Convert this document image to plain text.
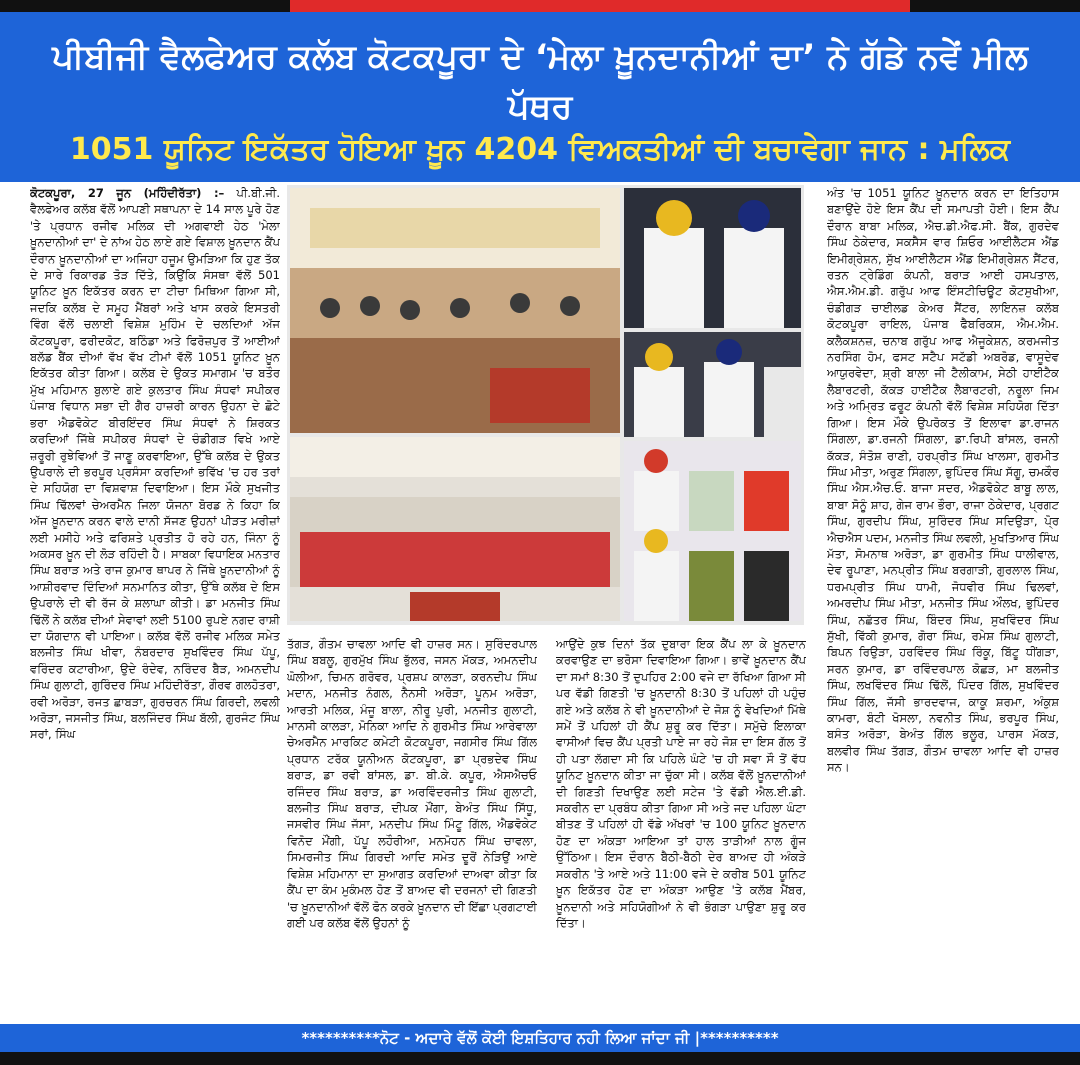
ਪੀਬੀਜੀ ਵੈਲਫੇਅਰ ਕਲੱਬ ਕੋਟਕਪੂਰਾ ਦੇ ‘ਮੇਲਾ ਖ਼ੂਨਦਾਨੀਆਂ ਦਾ’ ਨੇ ਗੱਡੇ ਨਵੇਂ ਮੀਲ ਪੱਥਰ
1051 ਯੂਨਿਟ ਇਕੱਤਰ ਹੋਇਆ ਖ਼ੂਨ 4204 ਵਿਅਕਤੀਆਂ ਦੀ ਬਚਾਵੇਗਾ ਜਾਨ : ਮਲਿਕ
ਕੋਟਕਪੂਰਾ, 27 ਜੂਨ (ਮਹਿੰਦੀਰੱਤਾ) :– ਪੀ.ਬੀ.ਜੀ. ਵੈਲਫੇਅਰ ਕਲੱਬ ਵੱਲੋਂ ਆਪਣੀ ਸਥਾਪਨਾ ਦੇ 14 ਸਾਲ ਪੂਰੇ ਹੋਣ 'ਤੇ ਪ੍ਰਧਾਨ ਰਜੀਵ ਮਲਿਕ ਦੀ ਅਗਵਾਈ ਹੇਠ 'ਮੇਲਾ ਖ਼ੂਨਦਾਨੀਆਂ ਦਾ' ਦੇ ਨਾਂਅ ਹੇਠ ਲਾਏ ਗਏ ਵਿਸ਼ਾਲ ਖ਼ੂਨਦਾਨ ਕੈਂਪ ਦੌਰਾਨ ਖ਼ੂਨਦਾਨੀਆਂ ਦਾ ਅਜਿਹਾ ਹਜੂਮ ਉਮੜਿਆ ਕਿ ਹੁਣ ਤੱਕ ਦੇ ਸਾਰੇ ਰਿਕਾਰਡ ਤੋੜ ਦਿੱਤੇ, ਕਿਉਂਕਿ ਸੰਸਥਾ ਵੱਲੋਂ 501 ਯੂਨਿਟ ਖ਼ੂਨ ਇਕੱਤਰ ਕਰਨ ਦਾ ਟੀਚਾ ਮਿਥਿਆ ਗਿਆ ਸੀ, ਜਦਕਿ ਕਲੱਬ ਦੇ ਸਮੂਹ ਮੈਂਬਰਾਂ ਅਤੇ ਖਾਸ ਕਰਕੇ ਇਸਤਰੀ ਵਿੰਗ ਵੱਲੋਂ ਚਲਾਈ ਵਿਸ਼ੇਸ਼ ਮੁਹਿੰਮ ਦੇ ਚਲਦਿਆਂ ਅੱਜ ਕੋਟਕਪੂਰਾ, ਫਰੀਦਕੋਟ, ਬਠਿੰਡਾ ਅਤੇ ਫਿਰੋਜ਼ਪੁਰ ਤੋਂ ਆਈਆਂ ਬਲੱਡ ਬੈਂਕ ਦੀਆਂ ਵੱਖ ਵੱਖ ਟੀਮਾਂ ਵੱਲੋਂ 1051 ਯੂਨਿਟ ਖ਼ੂਨ ਇਕੱਤਰ ਕੀਤਾ ਗਿਆ। ਕਲੱਬ ਦੇ ਉਕਤ ਸਮਾਗਮ 'ਚ ਬਤੌਰ ਮੁੱਖ ਮਹਿਮਾਨ ਬੁਲਾਏ ਗਏ ਕੁਲਤਾਰ ਸਿੰਘ ਸੰਧਵਾਂ ਸਪੀਕਰ ਪੰਜਾਬ ਵਿਧਾਨ ਸਭਾ ਦੀ ਗੈਰ ਹਾਜ਼ਰੀ ਕਾਰਨ ਉਹਨਾ ਦੇ ਛੋਟੇ ਭਰਾ ਐਡਵੋਕੇਟ ਬੀਰਇੰਦਰ ਸਿੰਘ ਸੰਧਵਾਂ ਨੇ ਸ਼ਿਰਕਤ ਕਰਦਿਆਂ ਜਿੱਥੇ ਸਪੀਕਰ ਸੰਧਵਾਂ ਦੇ ਚੰਡੀਗੜ ਵਿਖੇ ਆਏ ਜ਼ਰੂਰੀ ਰੁਝੇਵਿਆਂ ਤੋਂ ਜਾਣੂ ਕਰਵਾਇਆ, ਉੱਥੇ ਕਲੱਬ ਦੇ ਉਕਤ ਉਪਰਾਲੇ ਦੀ ਭਰਪੂਰ ਪ੍ਰਸੰਸਾ ਕਰਦਿਆਂ ਭਵਿੱਖ 'ਚ ਹਰ ਤਰਾਂ ਦੇ ਸਹਿਯੋਗ ਦਾ ਵਿਸ਼ਵਾਸ਼ ਦਿਵਾਇਆ। ਇਸ ਮੌਕੇ ਸੁਖਜੀਤ ਸਿੰਘ ਢਿੱਲਵਾਂ ਚੇਅਰਮੈਨ ਜਿਲਾ ਯੋਜਨਾ ਬੋਰਡ ਨੇ ਕਿਹਾ ਕਿ ਅੱਜ ਖ਼ੂਨਦਾਨ ਕਰਨ ਵਾਲੇ ਦਾਨੀ ਸੱਜਣ ਉਹਨਾਂ ਪੀੜਤ ਮਰੀਜ਼ਾਂ ਲਈ ਮਸੀਹੇ ਅਤੇ ਫਰਿਸ਼ਤੇ ਪ੍ਰਤੀਤ ਹੋ ਰਹੇ ਹਨ, ਜਿੰਨਾ ਨੂੰ ਅਕਸਰ ਖ਼ੂਨ ਦੀ ਲੋੜ ਰਹਿੰਦੀ ਹੈ। ਸਾਬਕਾ ਵਿਧਾਇਕ ਮਨਤਾਰ ਸਿੰਘ ਬਰਾੜ ਅਤੇ ਰਾਜ ਕੁਮਾਰ ਥਾਪਰ ਨੇ ਜਿੱਥੇ ਖ਼ੂਨਦਾਨੀਆਂ ਨੂੰ ਆਸ਼ੀਰਵਾਦ ਦਿੰਦਿਆਂ ਸਨਮਾਨਿਤ ਕੀਤਾ, ਉੱਥੇ ਕਲੱਬ ਦੇ ਇਸ ਉਪਰਾਲੇ ਦੀ ਵੀ ਰੱਜ ਕੇ ਸ਼ਲਾਘਾ ਕੀਤੀ। ਡਾ ਮਨਜੀਤ ਸਿੰਘ ਢਿੱਲੋਂ ਨੇ ਕਲੱਬ ਦੀਆਂ ਸੇਵਾਵਾਂ ਲਈ 5100 ਰੁਪਏ ਨਗਦ ਰਾਸ਼ੀ ਦਾ ਯੋਗਦਾਨ ਵੀ ਪਾਇਆ। ਕਲੱਬ ਵੱਲੋਂ ਰਜੀਵ ਮਲਿਕ ਸਮੇਤ ਬਲਜੀਤ ਸਿੰਘ ਖੀਵਾ, ਨੰਬਰਦਾਰ ਸੁਖਵਿੰਦਰ ਸਿੰਘ ਪੱਪੂ, ਵਰਿੰਦਰ ਕਟਾਰੀਆ, ਉਦੇ ਰੰਦੇਵ, ਨਰਿੰਦਰ ਬੈੜ, ਅਮਨਦੀਪ ਸਿੰਘ ਗੁਲਾਟੀ, ਗੁਰਿੰਦਰ ਸਿੰਘ ਮਹਿੰਦੀਰੱਤਾ, ਗੌਰਵ ਗਲਹੋਤਰਾ, ਰਵੀ ਅਰੋੜਾ, ਰਜਤ ਛਾਬੜਾ, ਗੁਰਚਰਨ ਸਿੰਘ ਗਿਰਦੀ, ਲਵਲੀ ਅਰੋੜਾ, ਜਸਜੀਤ ਸਿੰਘ, ਬਲਜਿੰਦਰ ਸਿੰਘ ਬੱਲੀ, ਗੁਰਜੰਟ ਸਿੰਘ ਸਰਾਂ, ਸਿੰਘ
ਤੱਗੜ, ਗੌਤਮ ਚਾਵਲਾ ਆਦਿ ਵੀ ਹਾਜ਼ਰ ਸਨ। ਸੁਰਿੰਦਰਪਾਲ ਸਿੰਘ ਬਬਲੂ, ਗੁਰਮੁੱਖ ਸਿੰਘ ਭੁੱਲਰ, ਜਸਨ ਮੱਕੜ, ਅਮਨਦੀਪ ਘੋਲੀਆ, ਚਿਮਨ ਗਰੋਵਰ, ਪ੍ਰਸ਼ਪ ਕਾਲੜਾ, ਕਰਨਦੀਪ ਸਿੰਘ ਮਦਾਨ, ਮਨਜੀਤ ਨੰਗਲ, ਨੈਨਸੀ ਅਰੋੜਾ, ਪੂਨਮ ਅਰੋੜਾ, ਆਰਤੀ ਮਲਿਕ, ਮੰਜੂ ਬਾਲਾ, ਨੀਰੂ ਪੁਰੀ, ਮਨਜੀਤ ਗੁਲਾਟੀ, ਮਾਨਸੀ ਕਾਲੜਾ, ਮੋਨਿਕਾ ਆਦਿ ਨੇ ਗੁਰਮੀਤ ਸਿੰਘ ਆਰੇਵਾਲਾ ਚੇਅਰਮੈਨ ਮਾਰਕਿਟ ਕਮੇਟੀ ਕੋਟਕਪੂਰਾ, ਜਗਸੀਰ ਸਿੰਘ ਗਿੱਲ ਪ੍ਰਧਾਨ ਟਰੱਕ ਯੂਨੀਅਨ ਕੋਟਕਪੂਰਾ, ਡਾ ਪ੍ਰਭਦੇਵ ਸਿੰਘ ਬਰਾੜ, ਡਾ ਰਵੀ ਬਾਂਸਲ, ਡਾ. ਬੀ.ਕੇ. ਕਪੂਰ, ਐਸਐਚਓ ਰਜਿੰਦਰ ਸਿੰਘ ਬਰਾੜ, ਡਾ ਅਰਵਿੰਦਰਜੀਤ ਸਿੰਘ ਗੁਲਾਟੀ, ਬਲਜੀਤ ਸਿੰਘ ਬਰਾੜ, ਦੀਪਕ ਮੌਂਗਾ, ਬੇਅੰਤ ਸਿੰਘ ਸਿੱਧੂ, ਜਸਵੀਰ ਸਿੰਘ ਜੱਸਾ, ਮਨਦੀਪ ਸਿੰਘ ਮਿੰਟੂ ਗਿੱਲ, ਐਡਵੋਕੇਟ ਵਿਨੋਦ ਮੌਂਗੀ, ਪੱਪੂ ਲਹੌਰੀਆ, ਮਨਮੋਹਨ ਸਿੰਘ ਚਾਵਲਾ, ਸਿਮਰਜੀਤ ਸਿੰਘ ਗਿਰਦੀ ਆਦਿ ਸਮੇਤ ਦੂਰੋਂ ਨੇੜਿਉਂ ਆਏ ਵਿਸ਼ੇਸ਼ ਮਹਿਮਾਨਾ ਦਾ ਸੁਆਗਤ ਕਰਦਿਆਂ ਦਾਅਵਾ ਕੀਤਾ ਕਿ ਕੈਂਪ ਦਾ ਕੰਮ ਮੁਕੰਮਲ ਹੋਣ ਤੋਂ ਬਾਅਦ ਵੀ ਦਰਜਨਾਂ ਦੀ ਗਿਣਤੀ 'ਚ ਖ਼ੂਨਦਾਨੀਆਂ ਵੱਲੋਂ ਫੋਨ ਕਰਕੇ ਖ਼ੂਨਦਾਨ ਦੀ ਇੱਛਾ ਪ੍ਰਗਟਾਈ ਗਈ ਪਰ ਕਲੱਬ ਵੱਲੋਂ ਉਹਨਾਂ ਨੂੰ
ਆਉਂਦੇ ਕੁਝ ਦਿਨਾਂ ਤੱਕ ਦੁਬਾਰਾ ਇਕ ਕੈਂਪ ਲਾ ਕੇ ਖ਼ੂਨਦਾਨ ਕਰਵਾਉਣ ਦਾ ਭਰੋਸਾ ਦਿਵਾਇਆ ਗਿਆ। ਭਾਵੇਂ ਖ਼ੂਨਦਾਨ ਕੈਂਪ ਦਾ ਸਮਾਂ 8:30 ਤੋਂ ਦੁਪਹਿਰ 2:00 ਵਜੇ ਦਾ ਰੱਖਿਆ ਗਿਆ ਸੀ ਪਰ ਵੱਡੀ ਗਿਣਤੀ 'ਚ ਖ਼ੂਨਦਾਨੀ 8:30 ਤੋਂ ਪਹਿਲਾਂ ਹੀ ਪਹੁੰਚ ਗਏ ਅਤੇ ਕਲੱਬ ਨੇ ਵੀ ਖ਼ੂਨਦਾਨੀਆਂ ਦੇ ਜੋਸ਼ ਨੂੰ ਵੇਖਦਿਆਂ ਮਿੱਥੇ ਸਮੇਂ ਤੋਂ ਪਹਿਲਾਂ ਹੀ ਕੈਂਪ ਸ਼ੁਰੂ ਕਰ ਦਿੱਤਾ। ਸਮੁੱਚੇ ਇਲਾਕਾ ਵਾਸੀਆਂ ਵਿਚ ਕੈਂਪ ਪ੍ਰਤੀ ਪਾਏ ਜਾ ਰਹੇ ਜੋਸ਼ ਦਾ ਇਸ ਗੱਲ ਤੋਂ ਹੀ ਪਤਾ ਲੱਗਦਾ ਸੀ ਕਿ ਪਹਿਲੇ ਘੰਟੇ 'ਚ ਹੀ ਸਵਾ ਸੌ ਤੋਂ ਵੱਧ ਯੂਨਿਟ ਖ਼ੂਨਦਾਨ ਕੀਤਾ ਜਾ ਚੁੱਕਾ ਸੀ। ਕਲੱਬ ਵੱਲੋਂ ਖ਼ੂਨਦਾਨੀਆਂ ਦੀ ਗਿਣਤੀ ਦਿਖਾਉਣ ਲਈ ਸਟੇਜ 'ਤੇ ਵੱਡੀ ਐਲ.ਈ.ਡੀ. ਸਕਰੀਨ ਦਾ ਪ੍ਰਬੰਧ ਕੀਤਾ ਗਿਆ ਸੀ ਅਤੇ ਜਦ ਪਹਿਲਾ ਘੰਟਾ ਬੀਤਣ ਤੋਂ ਪਹਿਲਾਂ ਹੀ ਵੱਡੇ ਅੱਖਰਾਂ 'ਚ 100 ਯੂਨਿਟ ਖ਼ੂਨਦਾਨ ਹੋਣ ਦਾ ਅੰਕੜਾ ਆਇਆ ਤਾਂ ਹਾਲ ਤਾੜੀਆਂ ਨਾਲ ਗੂੰਜ ਉੱਠਿਆ। ਇਸ ਦੌਰਾਨ ਬੈਠੀ-ਬੈਠੀ ਦੇਰ ਬਾਅਦ ਹੀ ਅੰਕੜੇ ਸਕਰੀਨ 'ਤੇ ਆਏ ਅਤੇ 11:00 ਵਜੇ ਦੇ ਕਰੀਬ 501 ਯੂਨਿਟ ਖ਼ੂਨ ਇਕੱਤਰ ਹੋਣ ਦਾ ਅੰਕੜਾ ਆਉਣ 'ਤੇ ਕਲੱਬ ਮੈਂਬਰ, ਖ਼ੂਨਦਾਨੀ ਅਤੇ ਸਹਿਯੋਗੀਆਂ ਨੇ ਵੀ ਭੰਗੜਾ ਪਾਉਣਾ ਸ਼ੁਰੂ ਕਰ ਦਿੱਤਾ।
ਅੰਤ 'ਚ 1051 ਯੂਨਿਟ ਖ਼ੂਨਦਾਨ ਕਰਨ ਦਾ ਇਤਿਹਾਸ ਬਣਾਉਂਦੇ ਹੋਏ ਇਸ ਕੈਂਪ ਦੀ ਸਮਾਪਤੀ ਹੋਈ। ਇਸ ਕੈਂਪ ਦੌਰਾਨ ਬਾਬਾ ਮਲਿਕ, ਐਚ.ਡੀ.ਐਫ.ਸੀ. ਬੈਂਕ, ਗੁਰਦੇਵ ਸਿੰਘ ਠੇਕੇਦਾਰ, ਸਕਸੈਸ ਵਾਰ ਸ਼ਿਓਰ ਆਈਲੈਟਸ ਐਂਡ ਇਮੀਗ੍ਰੇਸ਼ਨ, ਸੁੱਖ ਆਈਲੈਟਸ ਐਂਡ ਇਮੀਗ੍ਰੇਸ਼ਨ ਸੈਂਟਰ, ਰਤਨ ਟ੍ਰੇਡਿੰਗ ਕੰਪਨੀ, ਬਰਾੜ ਆਈ ਹਸਪਤਾਲ, ਐਸ.ਐਮ.ਡੀ. ਗਰੁੱਪ ਆਫ ਇੰਸਟੀਚਿਊਟ ਕੋਟਸੁਖੀਆ, ਚੰਡੀਗੜ ਚਾਈਲਡ ਕੇਅਰ ਸੈਂਟਰ, ਲਾਇਨਜ਼ ਕਲੱਬ ਕੋਟਕਪੂਰਾ ਰਾਇਲ, ਪੰਜਾਬ ਫੈਬਰਿਕਸ, ਐਮ.ਐਮ. ਕਲੈਕਸ਼ਨਜ਼, ਚਨਾਬ ਗਰੁੱਪ ਆਫ ਐਜੂਕੇਸ਼ਨ, ਕਰਮਜੀਤ ਨਰਸਿੰਗ ਹੋਮ, ਫਸਟ ਸਟੈਪ ਸਟੱਡੀ ਅਬਰੋਡ, ਵਾਸੂਦੇਵ ਆਯੁਰਵੇਦਾ, ਸ਼੍ਰੀ ਬਾਲਾ ਜੀ ਟੈਲੀਕਾਮ, ਸੇਠੀ ਹਾਈਟੈਕ ਲੈਬਾਰਟਰੀ, ਕੱਕੜ ਹਾਈਟੈਕ ਲੈਬਾਰਟਰੀ, ਨਰੂਲਾ ਜਿਮ ਅਤੇ ਅਮਿ੍ਰਤ ਫਰੂਟ ਕੰਪਨੀ ਵੱਲੋਂ ਵਿਸ਼ੇਸ਼ ਸਹਿਯੋਗ ਦਿੱਤਾ ਗਿਆ। ਇਸ ਮੌਕੇ ਉਪਰੋਕਤ ਤੋਂ ਇਲਾਵਾ ਡਾ.ਰਾਜਨ ਸਿੰਗਲਾ, ਡਾ.ਰਜਨੀ ਸਿੰਗਲਾ, ਡਾ.ਰਿਪੀ ਬਾਂਸਲ, ਰਜਨੀ ਕੱਕੜ, ਸੰਤੋਸ਼ ਰਾਣੀ, ਹਰਪ੍ਰੀਤ ਸਿੰਘ ਖਾਲਸਾ, ਗੁਰਮੀਤ ਸਿੰਘ ਮੀਤਾ, ਅਰੁਣ ਸਿੰਗਲਾ, ਭੁਪਿੰਦਰ ਸਿੰਘ ਸੱਗੂ, ਚਮਕੌਰ ਸਿੰਘ ਐਸ.ਐਚ.ਓ. ਬਾਜਾ ਸਦਰ, ਐਡਵੋਕੇਟ ਬਾਬੂ ਲਾਲ, ਬਾਬਾ ਸੋਨੂੰ ਸ਼ਾਹ, ਗੇਜ ਰਾਮ ਭੌਰਾ, ਰਾਜਾ ਠੇਕੇਦਾਰ, ਪ੍ਰਗਟ ਸਿੰਘ, ਗੁਰਦੀਪ ਸਿੰਘ, ਸੁਰਿੰਦਰ ਸਿੰਘ ਸਦਿਉੜਾ, ਪੋ੍ਰ ਐਚਐਸ ਪਦਮ, ਮਨਜੀਤ ਸਿੰਘ ਲਵਲੀ, ਮੁਖਤਿਆਰ ਸਿੰਘ ਮੱਤਾ, ਸੋਮਨਾਥ ਅਰੋੜਾ, ਡਾ ਗੁਰਮੀਤ ਸਿੰਘ ਧਾਲੀਵਾਲ, ਦੇਵ ਰੂਪਾਣਾ, ਮਨਪ੍ਰੀਤ ਸਿੰਘ ਬਰਗਾੜੀ, ਗੁਰਲਾਲ ਸਿੰਘ, ਧਰਮਪ੍ਰੀਤ ਸਿੰਘ ਧਾਮੀ, ਜੋਧਵੀਰ ਸਿੰਘ ਢਿਲਵਾਂ, ਅਮਰਦੀਪ ਸਿੰਘ ਮੀਤਾ, ਮਨਜੀਤ ਸਿੰਘ ਔਲਖ, ਭੁਪਿੰਦਰ ਸਿੰਘ, ਨਛੱਤਰ ਸਿੰਘ, ਬਿੰਦਰ ਸਿੰਘ, ਸੁਖਵਿੰਦਰ ਸਿੰਘ ਸੁੱਖੀ, ਵਿੱਕੀ ਕੁਮਾਰ, ਗੋਰਾ ਸਿੰਘ, ਰਮੇਸ਼ ਸਿੰਘ ਗੁਲਾਟੀ, ਬਿਪਨ ਰਿਉੜਾ, ਹਰਵਿੰਦਰ ਸਿੰਘ ਰਿੰਕੂ, ਬਿੱਟੂ ਧੀਂਗੜਾ, ਸਰਨ ਕੁਮਾਰ, ਡਾ ਰਵਿੰਦਰਪਾਲ ਕੋਛੜ, ਮਾ ਬਲਜੀਤ ਸਿੰਘ, ਲਖਵਿੰਦਰ ਸਿੰਘ ਢਿੱਲੋਂ, ਪਿੰਦਰ ਗਿੱਲ, ਸੁਖਵਿੰਦਰ ਸਿੰਘ ਗਿੱਲ, ਜੱਸੀ ਭਾਰਦਵਾਜ, ਕਾਕੂ ਸ਼ਰਮਾ, ਅੰਕੁਸ਼ ਕਾਮਰਾ, ਬੰਟੀ ਖੋਸਲਾ, ਨਵਨੀਤ ਸਿੰਘ, ਭਰਪੂਰ ਸਿੰਘ, ਬਸੰਤ ਅਰੋੜਾ, ਬੇਅੰਤ ਗਿੱਲ ਭਲੂਰ, ਪਾਰਸ ਮੱਕੜ, ਬਲਵੀਰ ਸਿੰਘ ਤੱਗੜ, ਗੌਤਮ ਚਾਵਲਾ ਆਦਿ ਵੀ ਹਾਜ਼ਰ ਸਨ।
**********ਨੋਟ - ਅਦਾਰੇ ਵੱਲੋਂ ਕੋਈ ਇਸ਼ਤਿਹਾਰ ਨਹੀ ਲਿਆ ਜਾਂਦਾ ਜੀ |**********
